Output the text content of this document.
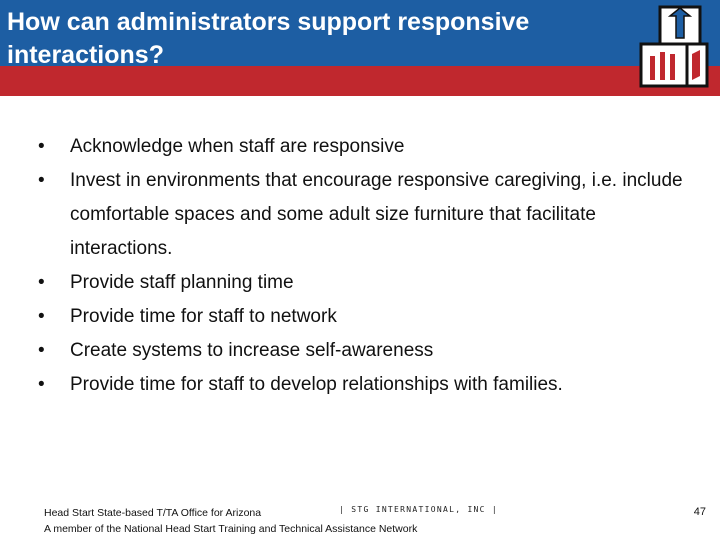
How can administrators support responsive interactions?
•	Acknowledge when staff are responsive
•	Invest in environments that encourage responsive caregiving, i.e. include comfortable spaces and some adult size furniture that facilitate interactions.
•	Provide staff planning time
•	Provide time for staff to network
•	Create systems to increase self-awareness
•	Provide time for staff to develop relationships with families.
Head Start State-based T/TA Office for Arizona
A member of the National Head Start Training and Technical Assistance Network
| STG INTERNATIONAL, INC |	47
